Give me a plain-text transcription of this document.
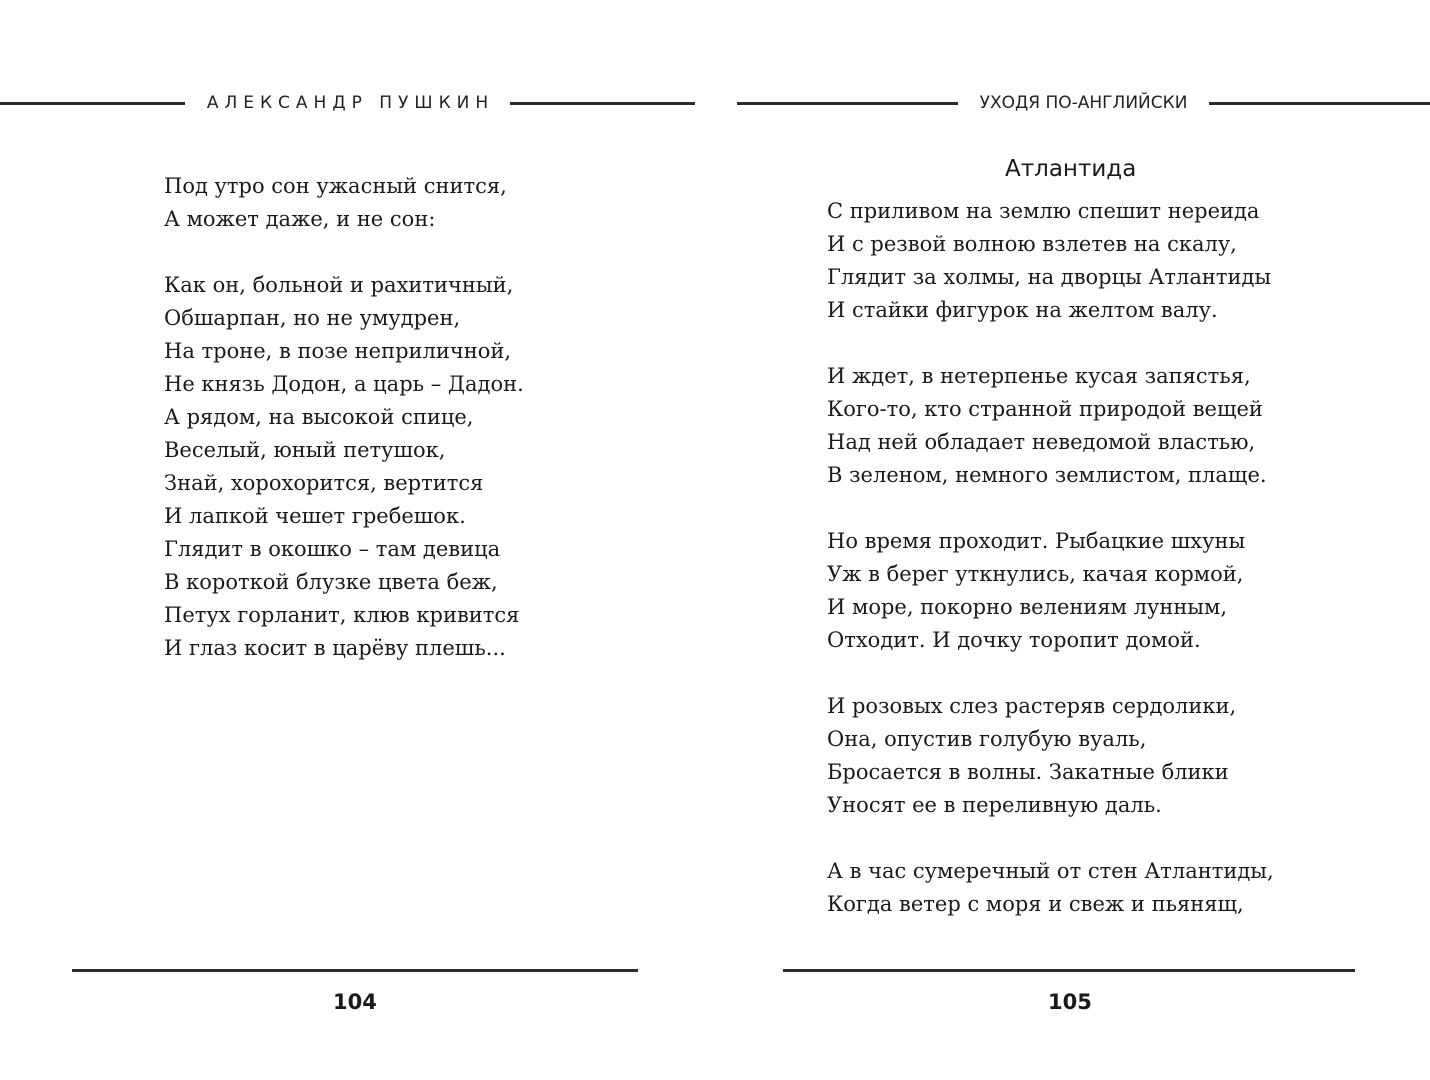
АЛЕКСАНДР ПУШКИН
Под утро сон ужасный снится,
А может даже, и не сон:
Как он, больной и рахитичный,
Обшарпан, но не умудрен,
На троне, в позе неприличной,
Не князь Додон, а царь – Дадон.
А рядом, на высокой спице,
Веселый, юный петушок,
Знай, хорохорится, вертится
И лапкой чешет гребешок.
Глядит в окошко – там девица
В короткой блузке цвета беж,
Петух горланит, клюв кривится
И глаз косит в царёву плешь...
104
УХОДЯ ПО-АНГЛИЙСКИ
Атлантида
С приливом на землю спешит нереида
И с резвой волною взлетев на скалу,
Глядит за холмы, на дворцы Атлантиды
И стайки фигурок на желтом валу.
И ждет, в нетерпенье кусая запястья,
Кого-то, кто странной природой вещей
Над ней обладает неведомой властью,
В зеленом, немного землистом, плаще.
Но время проходит. Рыбацкие шхуны
Уж в берег уткнулись, качая кормой,
И море, покорно велениям лунным,
Отходит. И дочку торопит домой.
И розовых слез растеряв сердолики,
Она, опустив голубую вуаль,
Бросается в волны. Закатные блики
Уносят ее в переливную даль.
А в час сумеречный от стен Атлантиды,
Когда ветер с моря и свеж и пьянящ,
105
